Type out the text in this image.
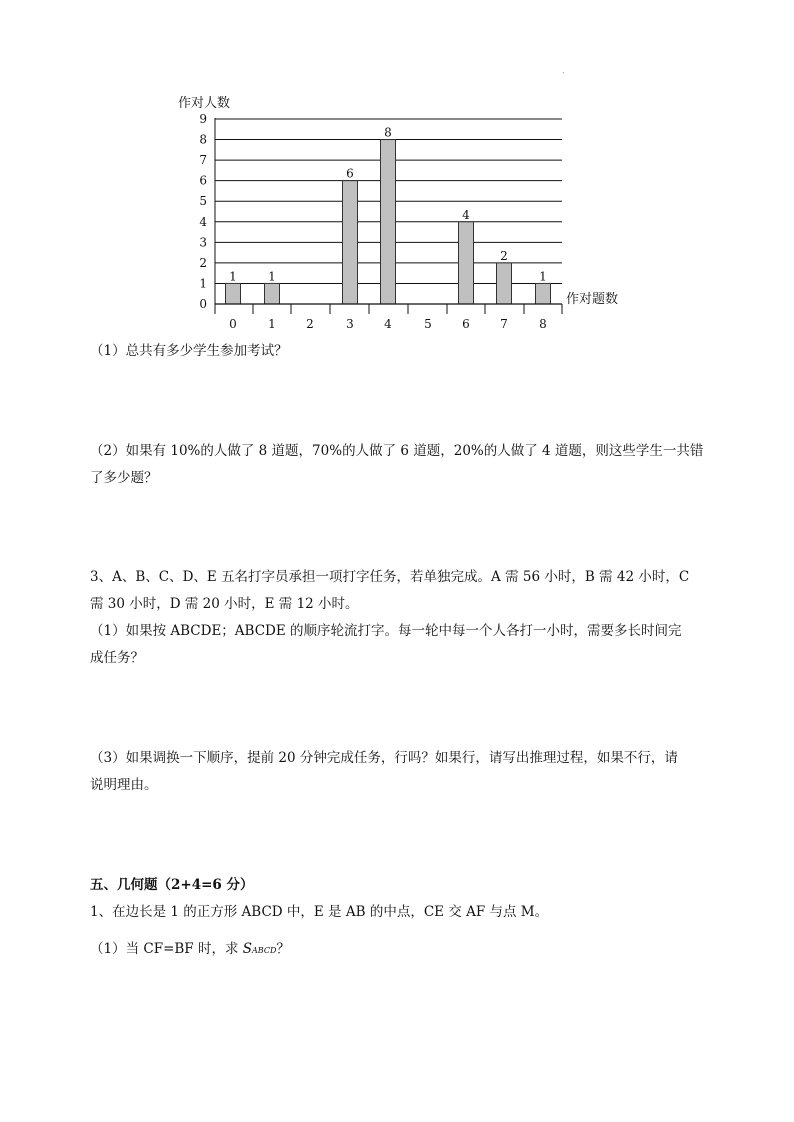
.
作对人数
0
1
2
3
4
5
6
7
8
9
1	1
6
8
4
2
1
0	1	2	3	4	5	6	7	8
作对题数
（1）总共有多少学生参加考试？
（2）如果有 10%的人做了 8 道题，70%的人做了 6 道题，20%的人做了 4 道题，则这些学生一共错
了多少题？
3、A、B、C、D、E 五名打字员承担一项打字任务，若单独完成。A 需 56 小时，B 需 42 小时，C
需 30 小时，D 需 20 小时，E 需 12 小时。
（1）如果按 ABCDE；ABCDE 的顺序轮流打字。每一轮中每一个人各打一小时，需要多长时间完
成任务？
（3）如果调换一下顺序，提前 20 分钟完成任务，行吗？如果行，请写出推理过程，如果不行，请
说明理由。
五、几何题（2+4=6 分）
1、在边长是 1 的正方形 ABCD 中，E 是 AB 的中点，CE 交 AF 与点 M。
（1）当 CF=BF 时，求 SABCD？
